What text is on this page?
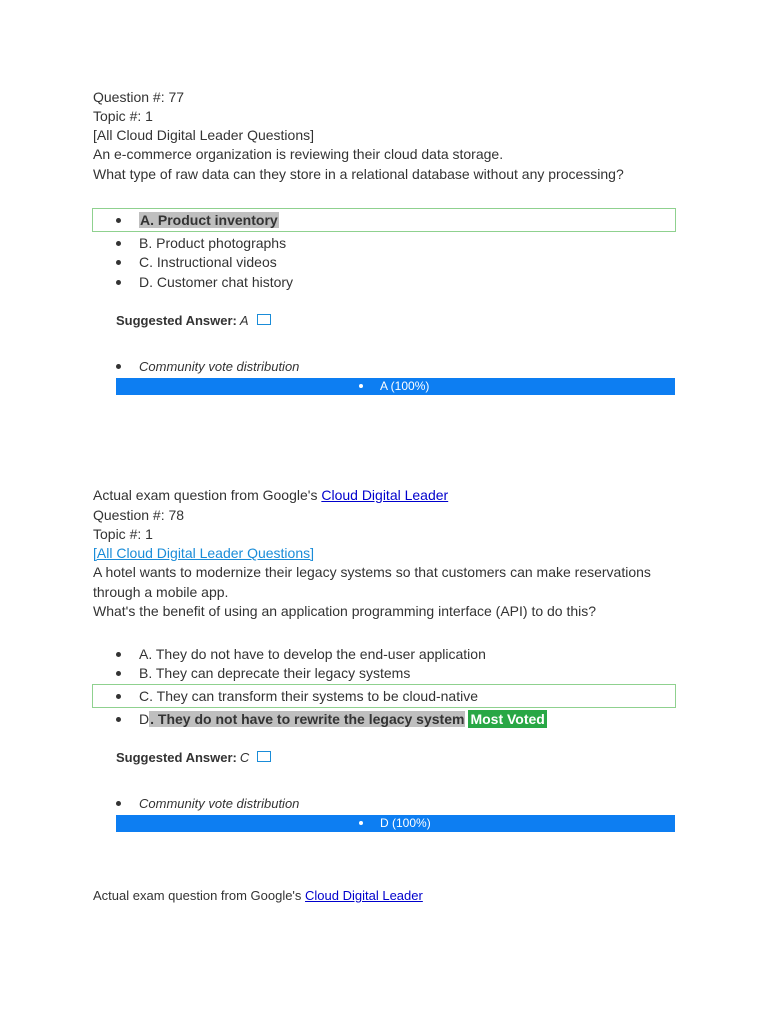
Question #: 77
Topic #: 1
[All Cloud Digital Leader Questions]
An e-commerce organization is reviewing their cloud data storage.
What type of raw data can they store in a relational database without any processing?
A. Product inventory
B. Product photographs
C. Instructional videos
D. Customer chat history
Suggested Answer: A
Community vote distribution
A (100%)
Actual exam question from Google's Cloud Digital Leader
Question #: 78
Topic #: 1
[All Cloud Digital Leader Questions]
A hotel wants to modernize their legacy systems so that customers can make reservations
through a mobile app.
What's the benefit of using an application programming interface (API) to do this?
A. They do not have to develop the end-user application
B. They can deprecate their legacy systems
C. They can transform their systems to be cloud-native
D. They do not have to rewrite the legacy system Most Voted
Suggested Answer: C
Community vote distribution
D (100%)
Actual exam question from Google's Cloud Digital Leader
